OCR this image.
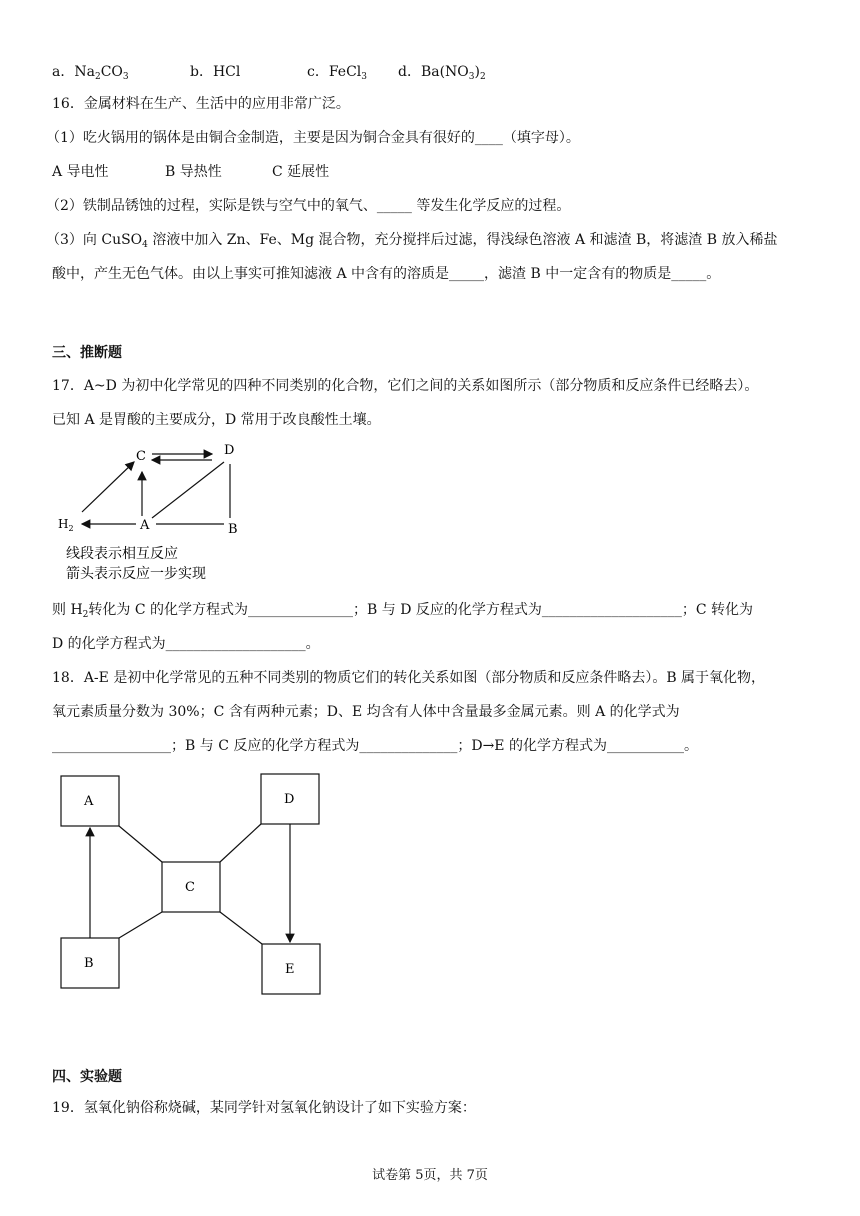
a．$Na_2CO_3$	b．HCl	c．FeCl$_3$ d．$Ba(NO_3)_2$
16．金属材料在生产、生活中的应用非常广泛。
（1）吃火锅用的锅体是由铜合金制造，主要是因为铜合金具有很好的____（填字母）。
A 导电性	B 导热性	C 延展性
（2）铁制品锈蚀的过程，实际是铁与空气中的氧气、_____ 等发生化学反应的过程。
（3）向 CuSO$_4$ 溶液中加入 Zn、Fe、Mg 混合物，充分搅拌后过滤，得浅绿色溶液 A 和滤渣 B，将滤渣 B 放入稀盐
酸中，产生无色气体。由以上事实可推知滤液 A 中含有的溶质是_____，滤渣 B 中一定含有的物质是_____。
三、推断题
17．A~D 为初中化学常见的四种不同类别的化合物，它们之间的关系如图所示（部分物质和反应条件已经略去）。
已知 A 是胃酸的主要成分，D 常用于改良酸性土壤。
C	D
A	B
$H_2$
线段表示相互反应
箭头表示反应一步实现
则 $H_2$转化为 C 的化学方程式为_______________；B 与 D 反应的化学方程式为____________________；C 转化为
D 的化学方程式为____________________。
18．A-E 是初中化学常见的五种不同类别的物质它们的转化关系如图（部分物质和反应条件略去）。B 属于氧化物，
氧元素质量分数为 30%；C 含有两种元素；D、E 均含有人体中含量最多金属元素。则 A 的化学式为
_________________；B 与 C 反应的化学方程式为______________；D→E 的化学方程式为___________。
A	D
C
B	E
四、实验题
19．氢氧化钠俗称烧碱，某同学针对氢氧化钠设计了如下实验方案：
试卷第 5页，共 7页
